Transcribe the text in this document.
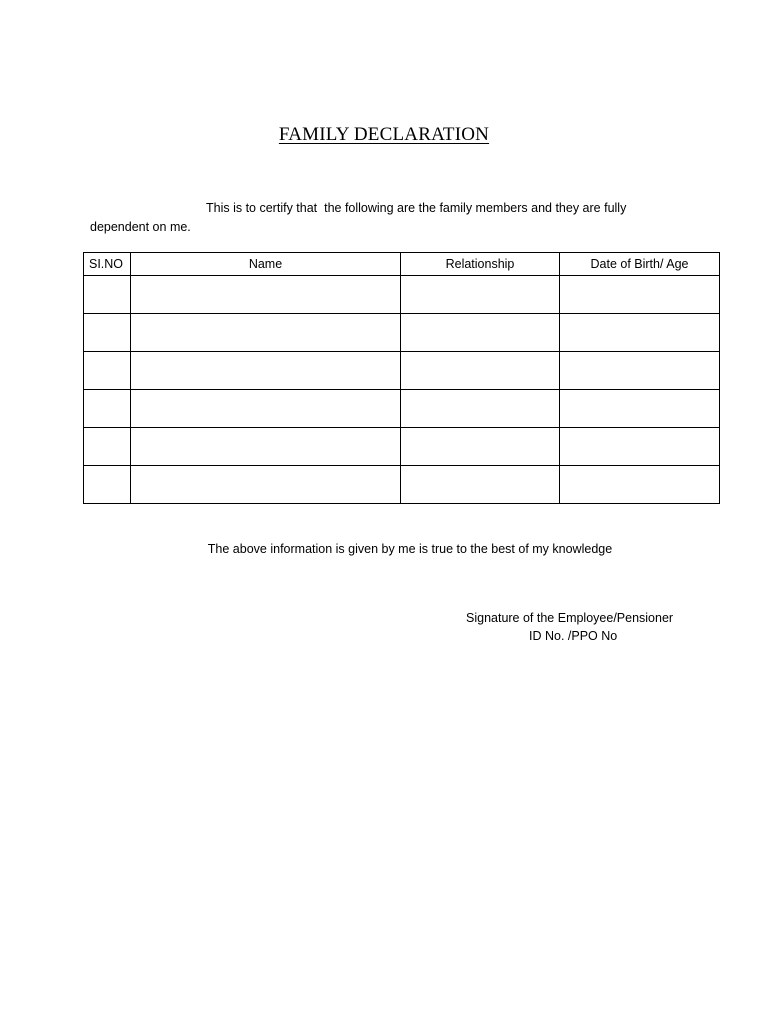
FAMILY DECLARATION
This is to certify that  the following are the family members and they are fully
dependent on me.
SI.NO	Name	Relationship	Date of Birth/ Age

The above information is given by me is true to the best of my knowledge
Signature of the Employee/Pensioner
ID No. /PPO No
